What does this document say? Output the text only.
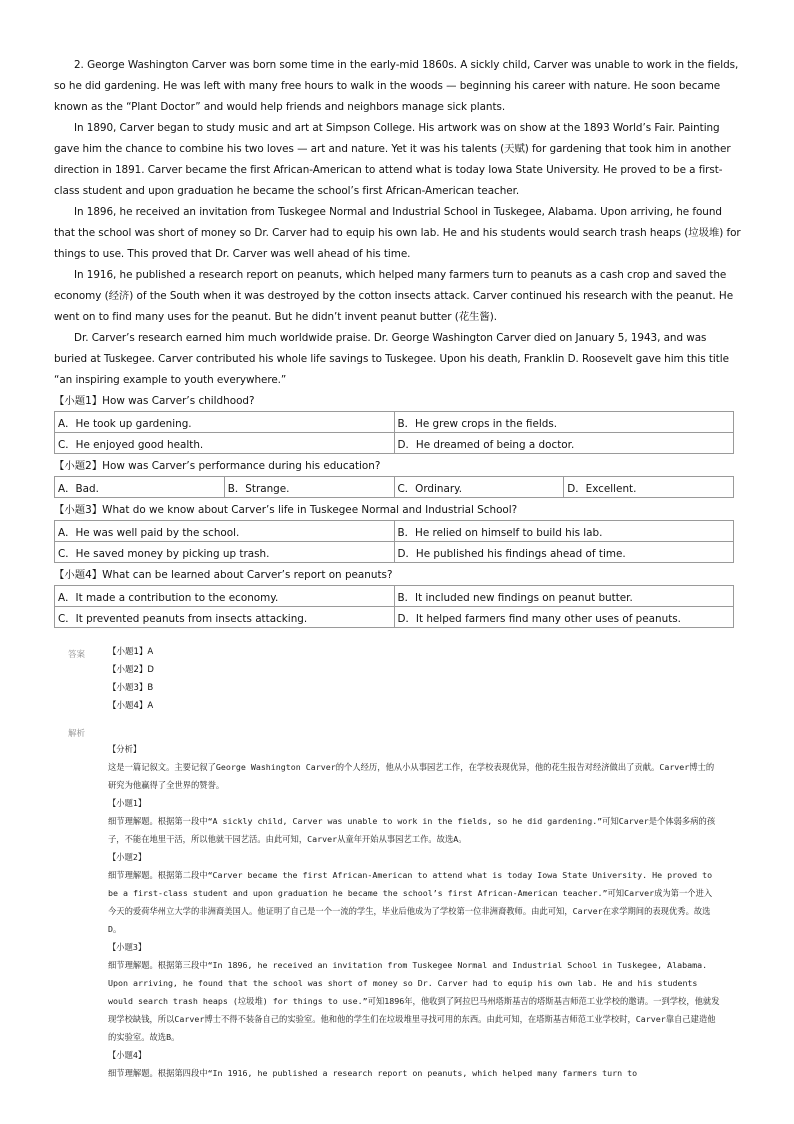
2. George Washington Carver was born some time in the early-mid 1860s. A sickly child, Carver was unable to work in the fields, so he did gardening. He was left with many free hours to walk in the woods — beginning his career with nature. He soon became known as the “Plant Doctor” and would help friends and neighbors manage sick plants.

In 1890, Carver began to study music and art at Simpson College. His artwork was on show at the 1893 World’s Fair. Painting gave him the chance to combine his two loves — art and nature. Yet it was his talents (天赋) for gardening that took him in another direction in 1891. Carver became the first African-American to attend what is today Iowa State University. He proved to be a first-class student and upon graduation he became the school’s first African-American teacher.

In 1896, he received an invitation from Tuskegee Normal and Industrial School in Tuskegee, Alabama. Upon arriving, he found that the school was short of money so Dr. Carver had to equip his own lab. He and his students would search trash heaps (垃圾堆) for things to use. This proved that Dr. Carver was well ahead of his time.

In 1916, he published a research report on peanuts, which helped many farmers turn to peanuts as a cash crop and saved the economy (经济) of the South when it was destroyed by the cotton insects attack. Carver continued his research with the peanut. He went on to find many uses for the peanut. But he didn’t invent peanut butter (花生酱).

Dr. Carver’s research earned him much worldwide praise. Dr. George Washington Carver died on January 5, 1943, and was buried at Tuskegee. Carver contributed his whole life savings to Tuskegee. Upon his death, Franklin D. Roosevelt gave him this title “an inspiring example to youth everywhere.”

【小题1】How was Carver’s childhood?
A．He took up gardening.	B．He grew crops in the fields.
C．He enjoyed good health.	D．He dreamed of being a doctor.
【小题2】How was Carver’s performance during his education?
A．Bad.	B．Strange.	C．Ordinary.	D．Excellent.
【小题3】What do we know about Carver’s life in Tuskegee Normal and Industrial School?
A．He was well paid by the school.	B．He relied on himself to build his lab.
C．He saved money by picking up trash.	D．He published his findings ahead of time.
【小题4】What can be learned about Carver’s report on peanuts?
A．It made a contribution to the economy.	B．It included new findings on peanut butter.
C．It prevented peanuts from insects attacking.	D．It helped farmers find many other uses of peanuts.
答案	【小题1】A
【小题2】D
【小题3】B
【小题4】A
解析
【分析】
这是一篇记叙文。主要记叙了George Washington Carver的个人经历，他从小从事园艺工作，在学校表现优异，他的花生报告对经济做出了贡献。Carver博士的研究为他赢得了全世界的赞誉。
【小题1】
细节理解题。根据第一段中“A sickly child, Carver was unable to work in the fields, so he did gardening.”可知Carver是个体弱多病的孩子，不能在地里干活，所以他就干园艺活。由此可知，Carver从童年开始从事园艺工作。故选A。
【小题2】
细节理解题。根据第二段中“Carver became the first African-American to attend what is today Iowa State University. He proved to be a first-class student and upon graduation he became the school’s first African-American teacher.”可知Carver成为第一个进入今天的爱荷华州立大学的非洲裔美国人。他证明了自己是一个一流的学生，毕业后他成为了学校第一位非洲裔教师。由此可知，Carver在求学期间的表现优秀。故选D。
【小题3】
细节理解题。根据第三段中“In 1896, he received an invitation from Tuskegee Normal and Industrial School in Tuskegee, Alabama. Upon arriving, he found that the school was short of money so Dr. Carver had to equip his own lab. He and his students would search trash heaps (垃圾堆) for things to use.”可知1896年，他收到了阿拉巴马州塔斯基吉的塔斯基吉师范工业学校的邀请。一到学校，他就发现学校缺钱，所以Carver博士不得不装备自己的实验室。他和他的学生们在垃圾堆里寻找可用的东西。由此可知，在塔斯基吉师范工业学校时，Carver靠自己建造他的实验室。故选B。
【小题4】
细节理解题。根据第四段中“In 1916, he published a research report on peanuts, which helped many farmers turn to
